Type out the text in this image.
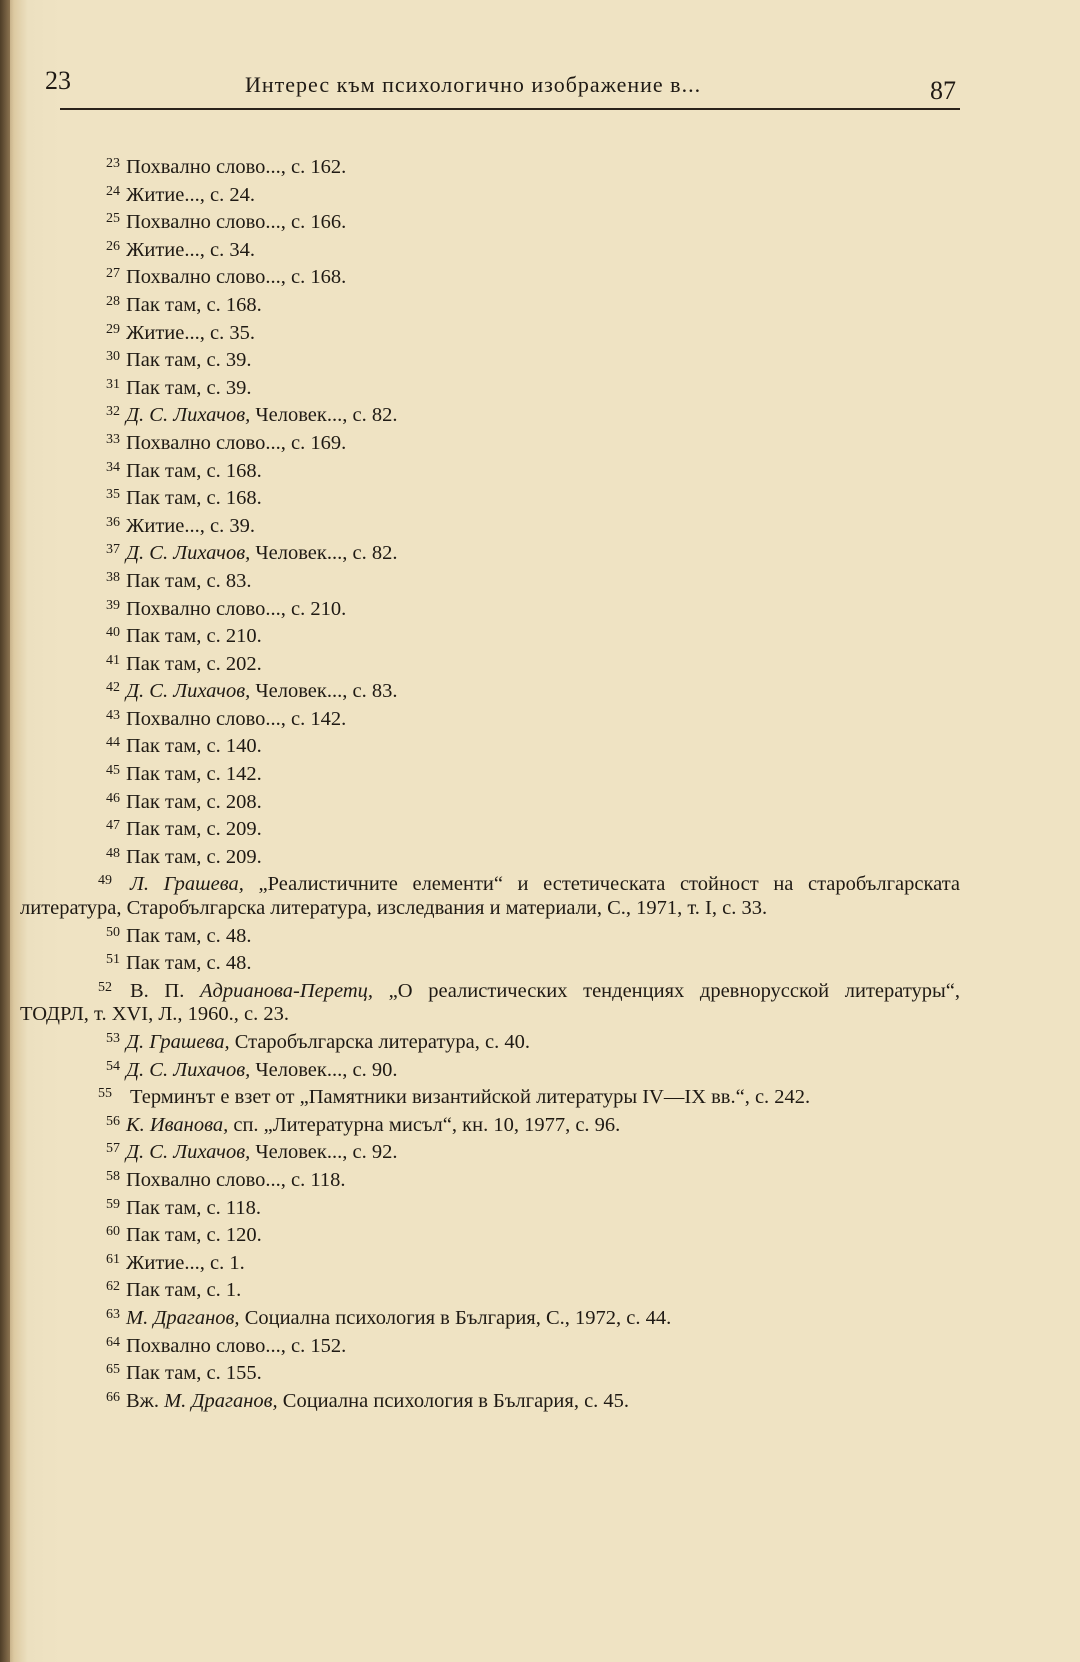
23	Интерес към психологично изображение в...	87
23 Похвално слово..., с. 162.
24 Житие..., с. 24.
25 Похвално слово..., с. 166.
26 Житие..., с. 34.
27 Похвално слово..., с. 168.
28 Пак там, с. 168.
29 Житие..., с. 35.
30 Пак там, с. 39.
31 Пак там, с. 39.
32 Д. С. Лихачов, Человек..., с. 82.
33 Похвално слово..., с. 169.
34 Пак там, с. 168.
35 Пак там, с. 168.
36 Житие..., с. 39.
37 Д. С. Лихачов, Человек..., с. 82.
38 Пак там, с. 83.
39 Похвално слово..., с. 210.
40 Пак там, с. 210.
41 Пак там, с. 202.
42 Д. С. Лихачов, Человек..., с. 83.
43 Похвално слово..., с. 142.
44 Пак там, с. 140.
45 Пак там, с. 142.
46 Пак там, с. 208.
47 Пак там, с. 209.
48 Пак там, с. 209.
49 Л. Грашева, „Реалистичните елементи“ и естетическата стойност на старобългарската литература, Старобългарска литература, изследвания и материали, С., 1971, т. I, с. 33.
50 Пак там, с. 48.
51 Пак там, с. 48.
52 В. П. Адрианова-Перетц, „О реалистических тенденциях древнорусской литературы“, ТОДРЛ, т. XVI, Л., 1960., с. 23.
53 Д. Грашева, Старобългарска литература, с. 40.
54 Д. С. Лихачов, Человек..., с. 90.
55 Терминът е взет от „Памятники византийской литературы IV—IX вв.“, с. 242.
56 К. Иванова, сп. „Литературна мисъл“, кн. 10, 1977, с. 96.
57 Д. С. Лихачов, Человек..., с. 92.
58 Похвално слово..., с. 118.
59 Пак там, с. 118.
60 Пак там, с. 120.
61 Житие..., с. 1.
62 Пак там, с. 1.
63 М. Драганов, Социална психология в България, С., 1972, с. 44.
64 Похвално слово..., с. 152.
65 Пак там, с. 155.
66 Вж. М. Драганов, Социална психология в България, с. 45.
